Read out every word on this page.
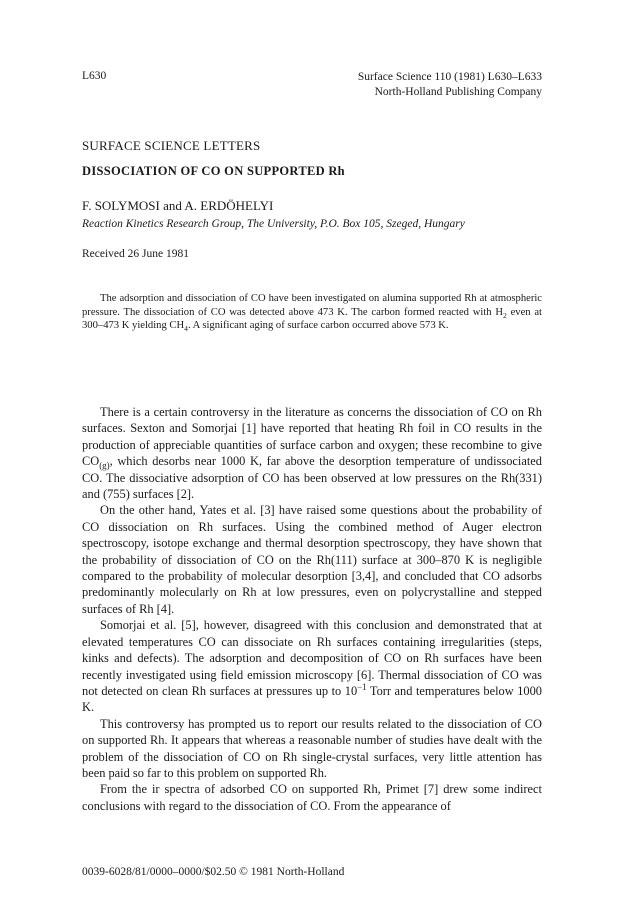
L630	Surface Science 110 (1981) L630–L633
North-Holland Publishing Company
SURFACE SCIENCE LETTERS
DISSOCIATION OF CO ON SUPPORTED Rh
F. SOLYMOSI and A. ERDÖHELYI
Reaction Kinetics Research Group, The University, P.O. Box 105, Szeged, Hungary
Received 26 June 1981

The adsorption and dissociation of CO have been investigated on alumina supported Rh at atmospheric pressure. The dissociation of CO was detected above 473 K. The carbon formed reacted with $H_2$ even at 300–473 K yielding $CH_4$. A significant aging of surface carbon occurred above 573 K.

There is a certain controversy in the literature as concerns the dissociation of CO on Rh surfaces. Sexton and Somorjai [1] have reported that heating Rh foil in CO results in the production of appreciable quantities of surface carbon and oxygen; these recombine to give $CO_{(g)}$, which desorbs near 1000 K, far above the desorption temperature of undissociated CO. The dissociative adsorption of CO has been observed at low pressures on the Rh(331) and (755) surfaces [2].

On the other hand, Yates et al. [3] have raised some questions about the probability of CO dissociation on Rh surfaces. Using the combined method of Auger electron spectroscopy, isotope exchange and thermal desorption spectroscopy, they have shown that the probability of dissociation of CO on the Rh(111) surface at 300–870 K is negligible compared to the probability of molecular desorption [3,4], and concluded that CO adsorbs predominantly molecularly on Rh at low pressures, even on polycrystalline and stepped surfaces of Rh [4].

Somorjai et al. [5], however, disagreed with this conclusion and demonstrated that at elevated temperatures CO can dissociate on Rh surfaces containing irregularities (steps, kinks and defects). The adsorption and decomposition of CO on Rh surfaces have been recently investigated using field emission microscopy [6]. Thermal dissociation of CO was not detected on clean Rh surfaces at pressures up to $10^{-1}$ Torr and temperatures below 1000 K.

This controversy has prompted us to report our results related to the dissociation of CO on supported Rh. It appears that whereas a reasonable number of studies have dealt with the problem of the dissociation of CO on Rh single-crystal surfaces, very little attention has been paid so far to this problem on supported Rh.

From the ir spectra of adsorbed CO on supported Rh, Primet [7] drew some indirect conclusions with regard to the dissociation of CO. From the appearance of

0039-6028/81/0000–0000/$02.50 © 1981 North-Holland
